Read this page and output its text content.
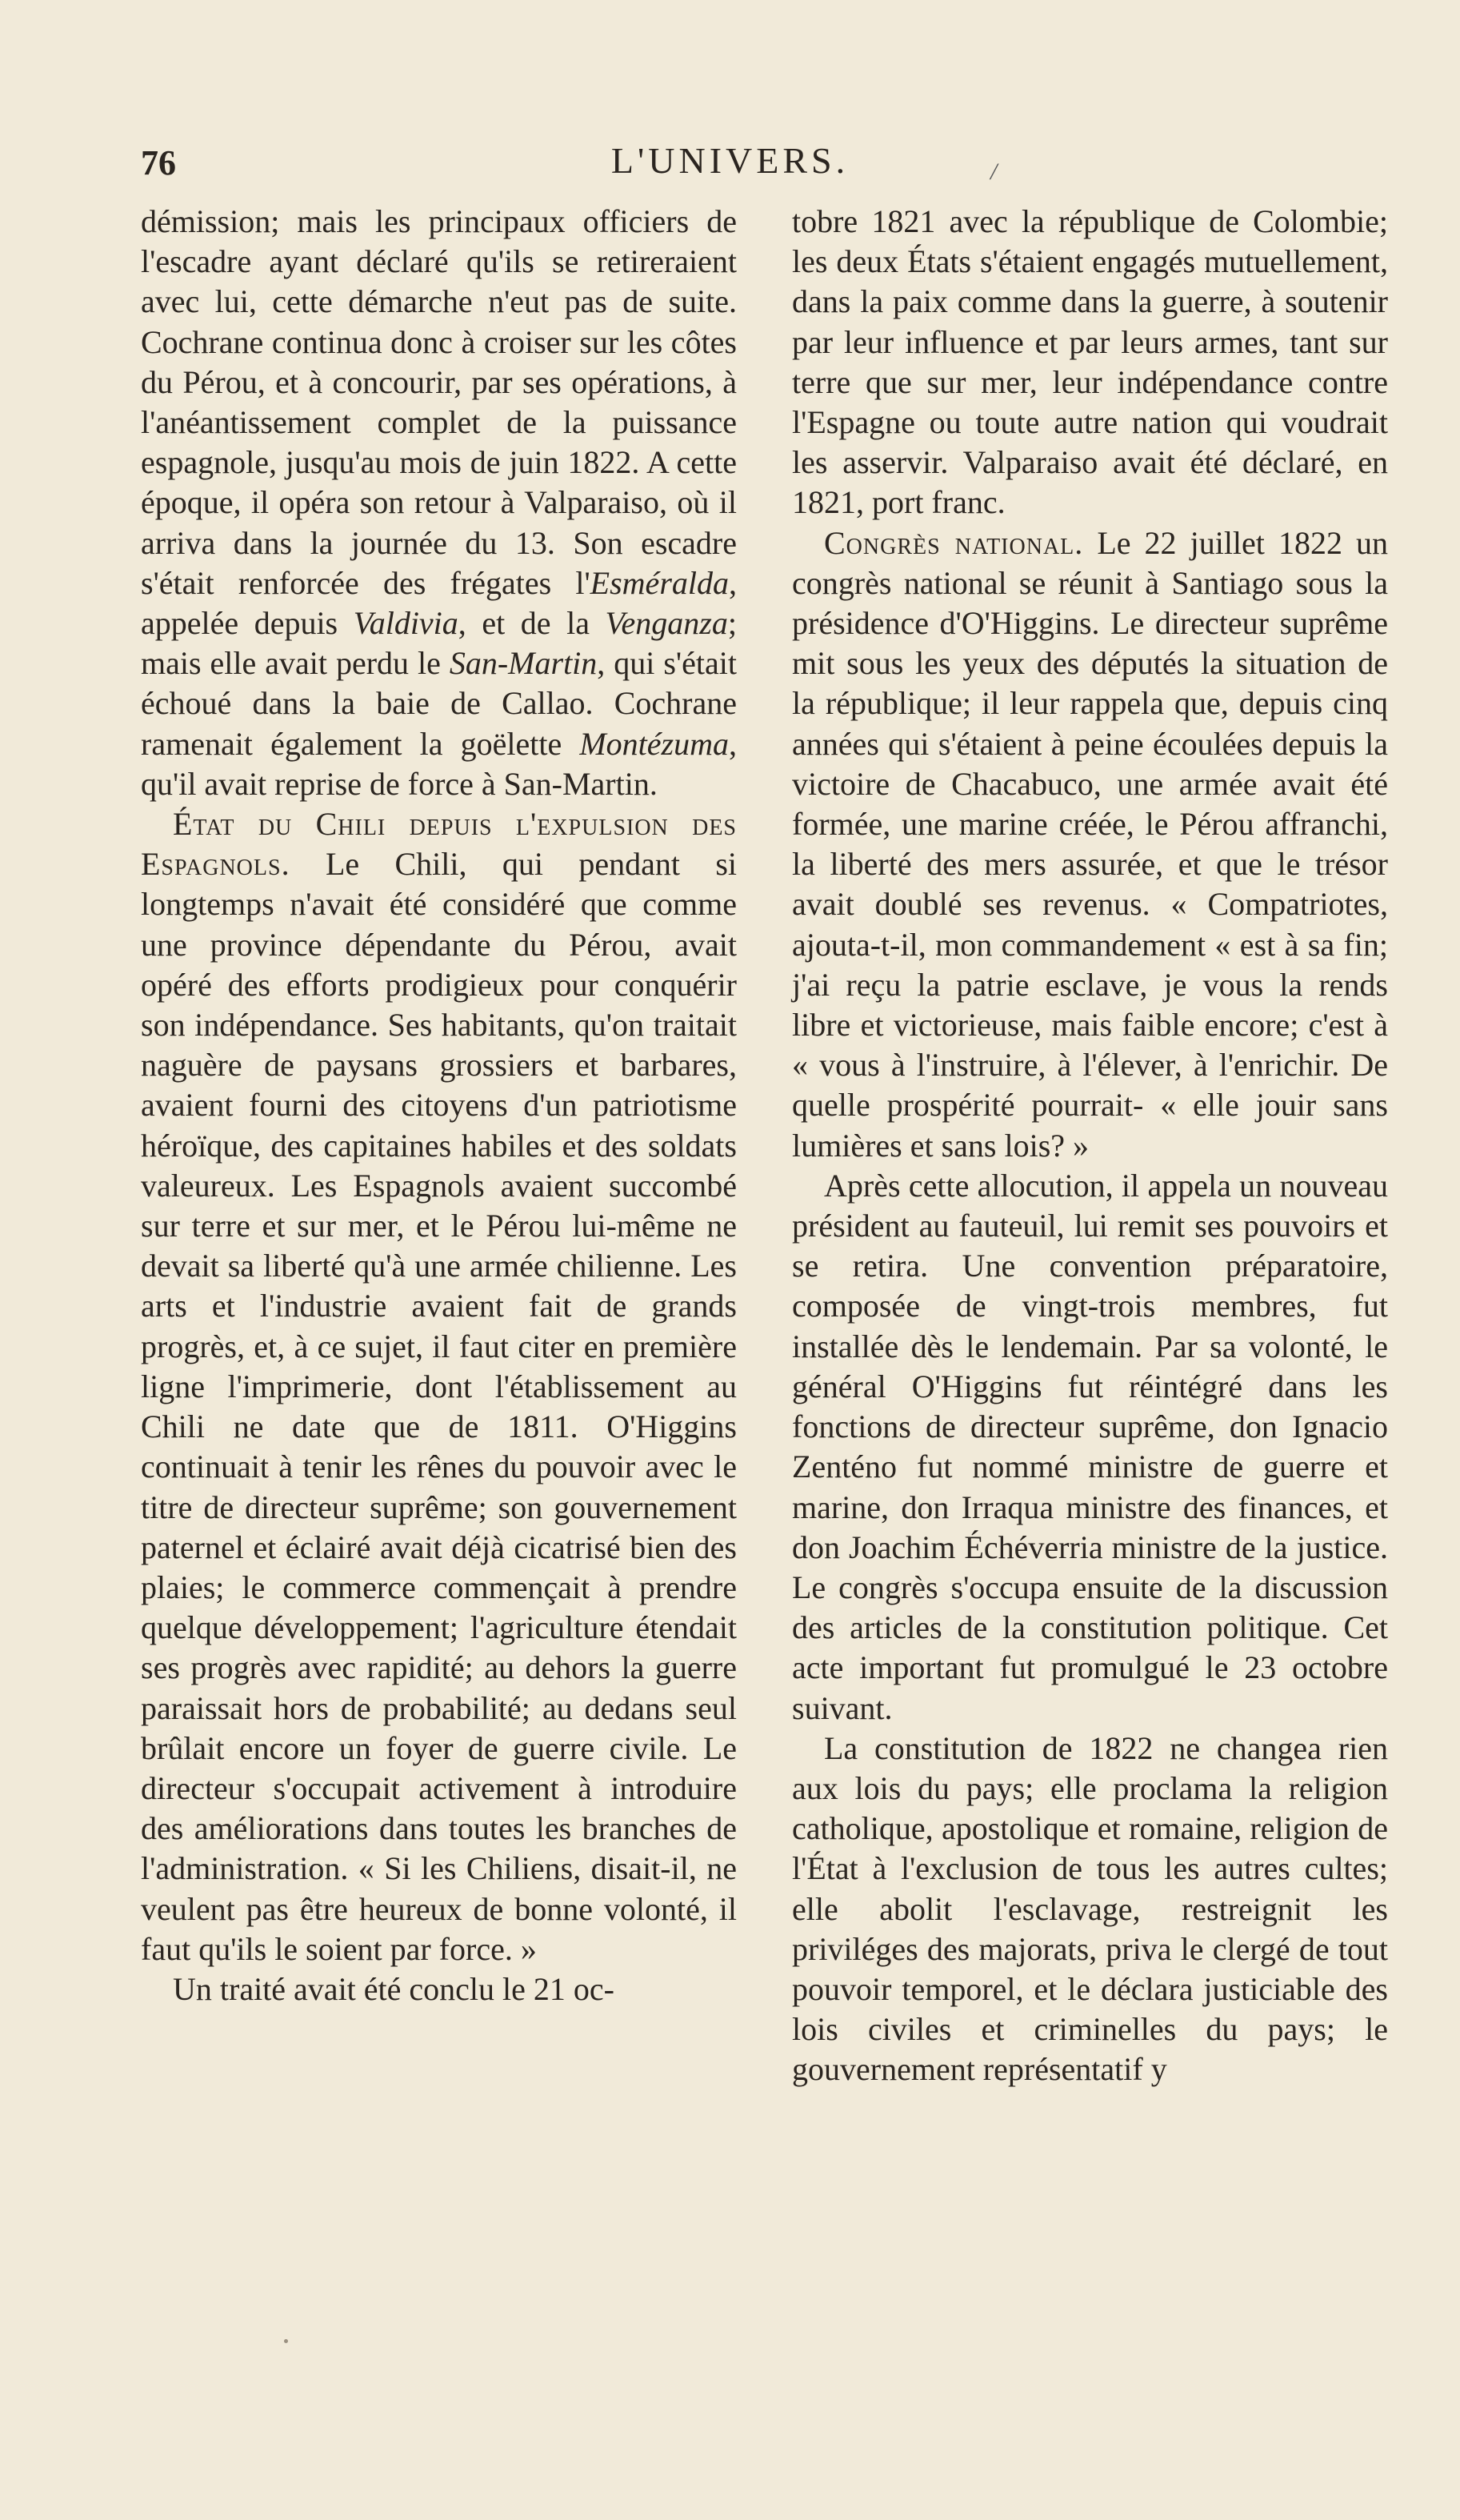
76	L'UNIVERS.	/

démission; mais les principaux officiers de l'escadre ayant déclaré qu'ils se retireraient avec lui, cette démarche n'eut pas de suite. Cochrane continua donc à croiser sur les côtes du Pérou, et à concourir, par ses opérations, à l'anéantissement complet de la puissance espagnole, jusqu'au mois de juin 1822. A cette époque, il opéra son retour à Valparaiso, où il arriva dans la journée du 13. Son escadre s'était renforcée des frégates l'Esméralda, appelée depuis Valdivia, et de la Venganza; mais elle avait perdu le San-Martin, qui s'était échoué dans la baie de Callao. Cochrane ramenait également la goëlette Montézuma, qu'il avait reprise de force à San-Martin.

État du Chili depuis l'expulsion des Espagnols. Le Chili, qui pendant si longtemps n'avait été considéré que comme une province dépendante du Pérou, avait opéré des efforts prodigieux pour conquérir son indépendance. Ses habitants, qu'on traitait naguère de paysans grossiers et barbares, avaient fourni des citoyens d'un patriotisme héroïque, des capitaines habiles et des soldats valeureux. Les Espagnols avaient succombé sur terre et sur mer, et le Pérou lui-même ne devait sa liberté qu'à une armée chilienne. Les arts et l'industrie avaient fait de grands progrès, et, à ce sujet, il faut citer en première ligne l'imprimerie, dont l'établissement au Chili ne date que de 1811. O'Higgins continuait à tenir les rênes du pouvoir avec le titre de directeur suprême; son gouvernement paternel et éclairé avait déjà cicatrisé bien des plaies; le commerce commençait à prendre quelque développement; l'agriculture étendait ses progrès avec rapidité; au dehors la guerre paraissait hors de probabilité; au dedans seul brûlait encore un foyer de guerre civile. Le directeur s'occupait activement à introduire des améliorations dans toutes les branches de l'administration. « Si les Chiliens, disait-il, ne veulent pas être heureux de bonne volonté, il faut qu'ils le soient par force. »

Un traité avait été conclu le 21 oc-

tobre 1821 avec la république de Colombie; les deux États s'étaient engagés mutuellement, dans la paix comme dans la guerre, à soutenir par leur influence et par leurs armes, tant sur terre que sur mer, leur indépendance contre l'Espagne ou toute autre nation qui voudrait les asservir. Valparaiso avait été déclaré, en 1821, port franc.

Congrès national. Le 22 juillet 1822 un congrès national se réunit à Santiago sous la présidence d'O'Higgins. Le directeur suprême mit sous les yeux des députés la situation de la république; il leur rappela que, depuis cinq années qui s'étaient à peine écoulées depuis la victoire de Chacabuco, une armée avait été formée, une marine créée, le Pérou affranchi, la liberté des mers assurée, et que le trésor avait doublé ses revenus. « Compatriotes, ajouta-t-il, mon commandement « est à sa fin; j'ai reçu la patrie esclave, je vous la rends libre et victorieuse, mais faible encore; c'est à « vous à l'instruire, à l'élever, à l'enrichir. De quelle prospérité pourrait- « elle jouir sans lumières et sans lois? »

Après cette allocution, il appela un nouveau président au fauteuil, lui remit ses pouvoirs et se retira. Une convention préparatoire, composée de vingt-trois membres, fut installée dès le lendemain. Par sa volonté, le général O'Higgins fut réintégré dans les fonctions de directeur suprême, don Ignacio Zenténo fut nommé ministre de guerre et marine, don Irraqua ministre des finances, et don Joachim Échéverria ministre de la justice. Le congrès s'occupa ensuite de la discussion des articles de la constitution politique. Cet acte important fut promulgué le 23 octobre suivant.

La constitution de 1822 ne changea rien aux lois du pays; elle proclama la religion catholique, apostolique et romaine, religion de l'État à l'exclusion de tous les autres cultes; elle abolit l'esclavage, restreignit les priviléges des majorats, priva le clergé de tout pouvoir temporel, et le déclara justiciable des lois civiles et criminelles du pays; le gouvernement représentatif y
